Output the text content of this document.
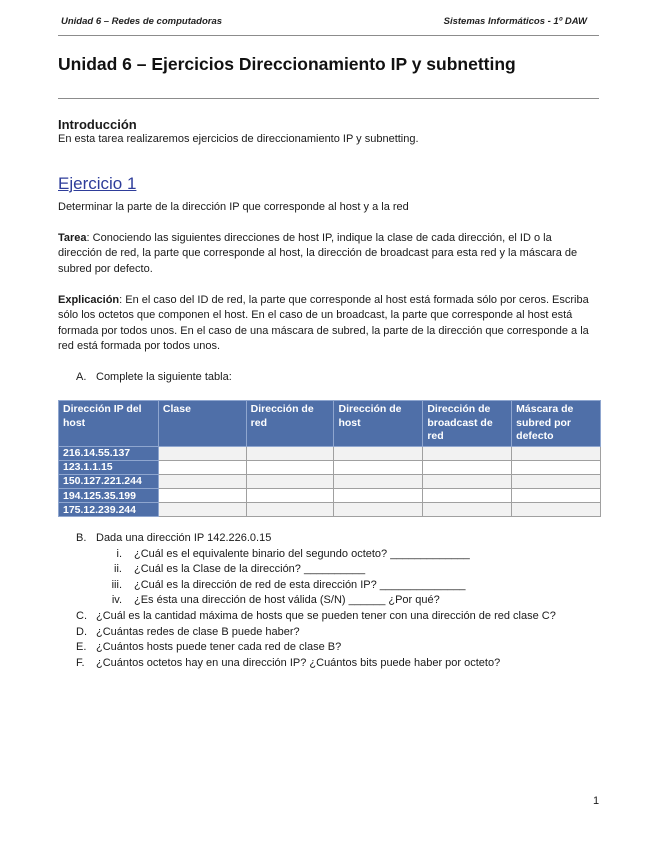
Unidad 6 – Redes de computadoras	Sistemas Informáticos - 1º DAW
Unidad 6 – Ejercicios Direccionamiento IP y subnetting
Introducción
En esta tarea realizaremos ejercicios de direccionamiento IP y subnetting.
Ejercicio 1
Determinar la parte de la dirección IP que corresponde al host y a la red
Tarea: Conociendo las siguientes direcciones de host IP, indique la clase de cada dirección, el ID o la dirección de red, la parte que corresponde al host, la dirección de broadcast para esta red y la máscara de subred por defecto.
Explicación: En el caso del ID de red, la parte que corresponde al host está formada sólo por ceros. Escriba sólo los octetos que componen el host. En el caso de un broadcast, la parte que corresponde al host está formada por todos unos. En el caso de una máscara de subred, la parte de la dirección que corresponde a la red está formada por todos unos.
A. Complete la siguiente tabla:
Dirección IP del host	Clase	Dirección de red	Dirección de host	Dirección de broadcast de red	Máscara de subred por defecto
216.14.55.137					
123.1.1.15					
150.127.221.244					
194.125.35.199					
175.12.239.244					
B. Dada una dirección IP 142.226.0.15
i. ¿Cuál es el equivalente binario del segundo octeto? _____________
ii. ¿Cuál es la Clase de la dirección? __________
iii. ¿Cuál es la dirección de red de esta dirección IP? ______________
iv. ¿Es ésta una dirección de host válida (S/N) ______ ¿Por qué?
C. ¿Cuál es la cantidad máxima de hosts que se pueden tener con una dirección de red clase C?
D. ¿Cuántas redes de clase B puede haber?
E. ¿Cuántos hosts puede tener cada red de clase B?
F. ¿Cuántos octetos hay en una dirección IP? ¿Cuántos bits puede haber por octeto?
1
